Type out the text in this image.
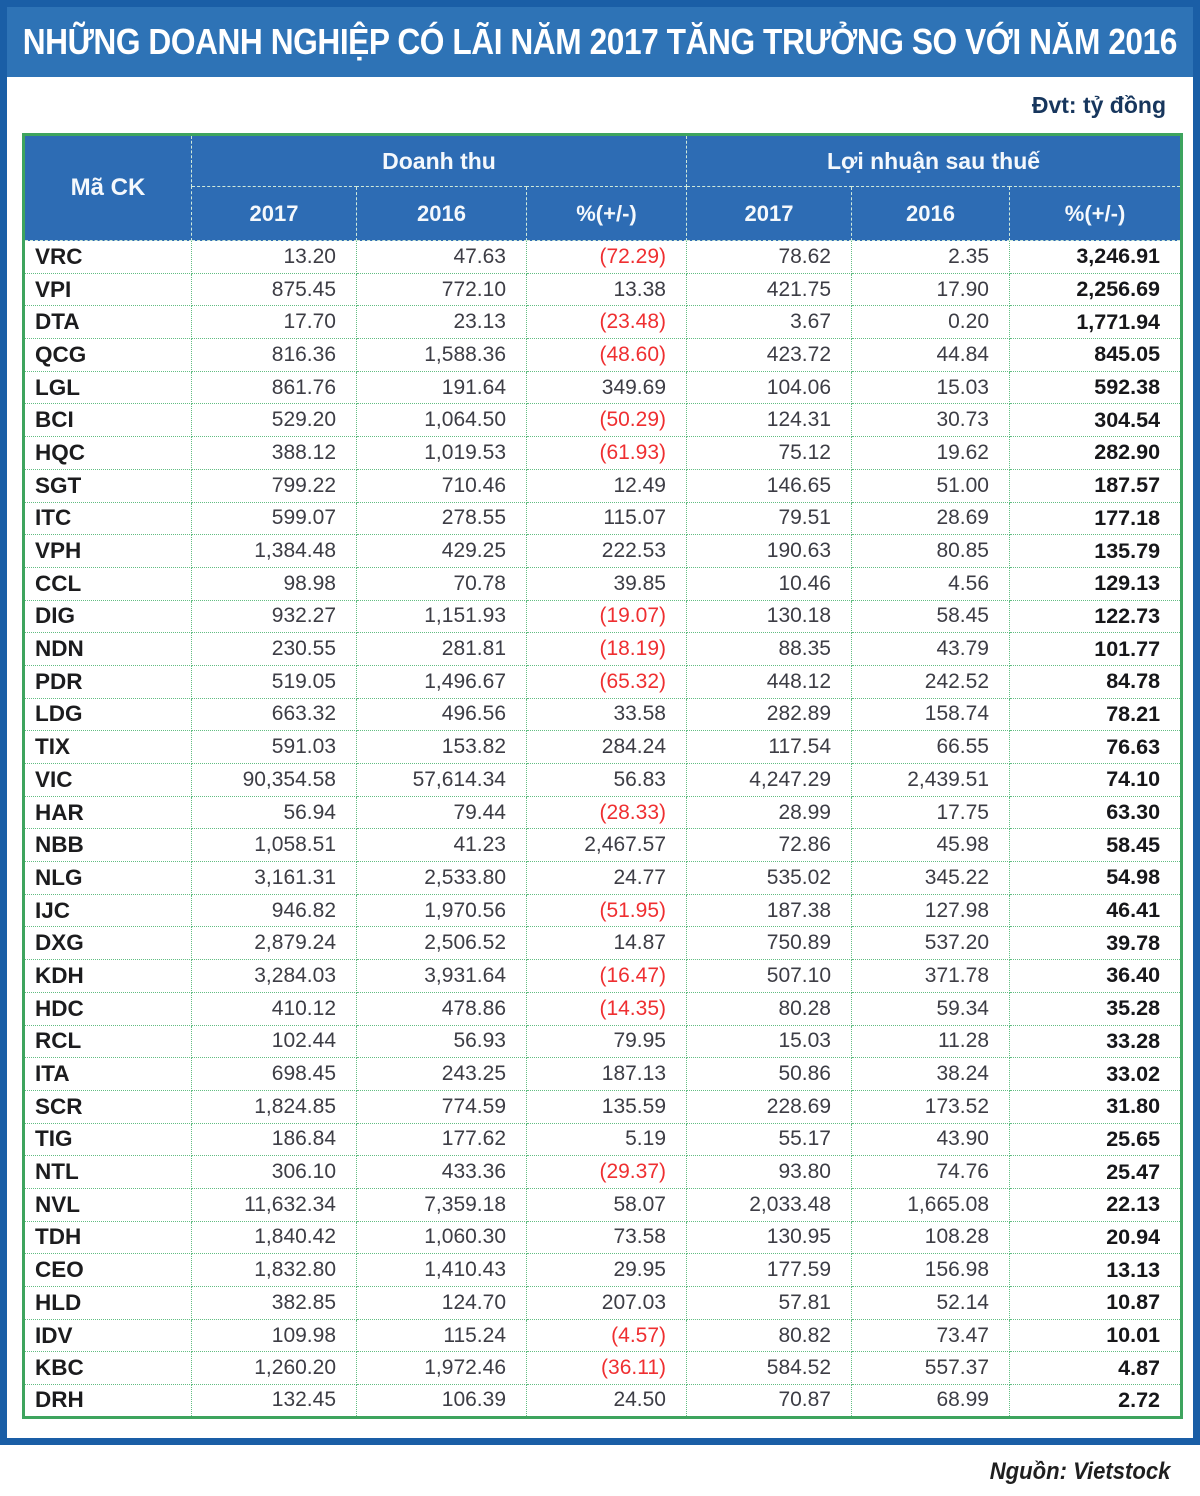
NHỮNG DOANH NGHIỆP CÓ LÃI NĂM 2017 TĂNG TRƯỞNG SO VỚI NĂM 2016
Đvt: tỷ đồng
Mã CK	Doanh thu			Lợi nhuận sau thuế		
	2017	2016	%(+/-)	2017	2016	%(+/-)
VRC	13.20	47.63	(72.29)	78.62	2.35	3,246.91
VPI	875.45	772.10	13.38	421.75	17.90	2,256.69
DTA	17.70	23.13	(23.48)	3.67	0.20	1,771.94
QCG	816.36	1,588.36	(48.60)	423.72	44.84	845.05
LGL	861.76	191.64	349.69	104.06	15.03	592.38
BCI	529.20	1,064.50	(50.29)	124.31	30.73	304.54
HQC	388.12	1,019.53	(61.93)	75.12	19.62	282.90
SGT	799.22	710.46	12.49	146.65	51.00	187.57
ITC	599.07	278.55	115.07	79.51	28.69	177.18
VPH	1,384.48	429.25	222.53	190.63	80.85	135.79
CCL	98.98	70.78	39.85	10.46	4.56	129.13
DIG	932.27	1,151.93	(19.07)	130.18	58.45	122.73
NDN	230.55	281.81	(18.19)	88.35	43.79	101.77
PDR	519.05	1,496.67	(65.32)	448.12	242.52	84.78
LDG	663.32	496.56	33.58	282.89	158.74	78.21
TIX	591.03	153.82	284.24	117.54	66.55	76.63
VIC	90,354.58	57,614.34	56.83	4,247.29	2,439.51	74.10
HAR	56.94	79.44	(28.33)	28.99	17.75	63.30
NBB	1,058.51	41.23	2,467.57	72.86	45.98	58.45
NLG	3,161.31	2,533.80	24.77	535.02	345.22	54.98
IJC	946.82	1,970.56	(51.95)	187.38	127.98	46.41
DXG	2,879.24	2,506.52	14.87	750.89	537.20	39.78
KDH	3,284.03	3,931.64	(16.47)	507.10	371.78	36.40
HDC	410.12	478.86	(14.35)	80.28	59.34	35.28
RCL	102.44	56.93	79.95	15.03	11.28	33.28
ITA	698.45	243.25	187.13	50.86	38.24	33.02
SCR	1,824.85	774.59	135.59	228.69	173.52	31.80
TIG	186.84	177.62	5.19	55.17	43.90	25.65
NTL	306.10	433.36	(29.37)	93.80	74.76	25.47
NVL	11,632.34	7,359.18	58.07	2,033.48	1,665.08	22.13
TDH	1,840.42	1,060.30	73.58	130.95	108.28	20.94
CEO	1,832.80	1,410.43	29.95	177.59	156.98	13.13
HLD	382.85	124.70	207.03	57.81	52.14	10.87
IDV	109.98	115.24	(4.57)	80.82	73.47	10.01
KBC	1,260.20	1,972.46	(36.11)	584.52	557.37	4.87
DRH	132.45	106.39	24.50	70.87	68.99	2.72
Nguồn: Vietstock
